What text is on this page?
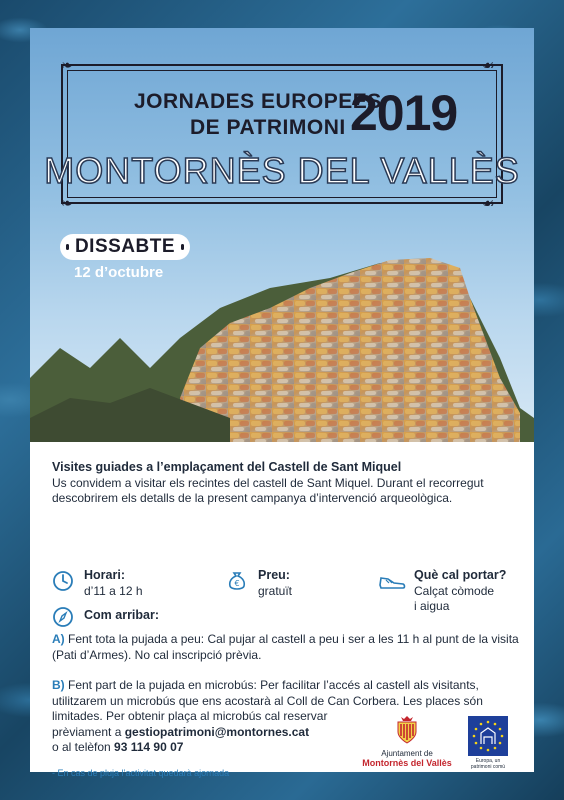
❧	☙
❧	☙
JORNADES EUROPEES
DE PATRIMONI 2019
MONTORNÈS DEL VALLÈS
DISSABTE
12 d’octubre
Visites guiades a l’emplaçament del Castell de Sant Miquel

Us convidem a visitar els recintes del castell de Sant Miquel. Durant el recorregut descobrirem els detalls de la present campanya d’intervenció arqueològica.

Horari:
d’11 a 12 h
€
Preu:
gratuït
Què cal portar?
Calçat còmode
i aigua
Com arribar:
A) Fent tota la pujada a peu: Cal pujar al castell a peu i ser a les 11 h al punt de la visita (Pati d’Armes). No cal inscripció prèvia.
B) Fent part de la pujada en microbús: Per facilitar l’accés al castell als visitants, utilitzarem un microbús que ens acostarà al Coll de Can Corbera. Les places són limitades. Per obtenir plaça al microbús cal reservar
prèviament a gestiopatrimoni@montornes.cat
o al telèfon 93 114 90 07
- En cas de pluja l’activitat quedarà ajornada
Ajuntament de
Montornès del Vallès	Europa, un patrimoni comú
